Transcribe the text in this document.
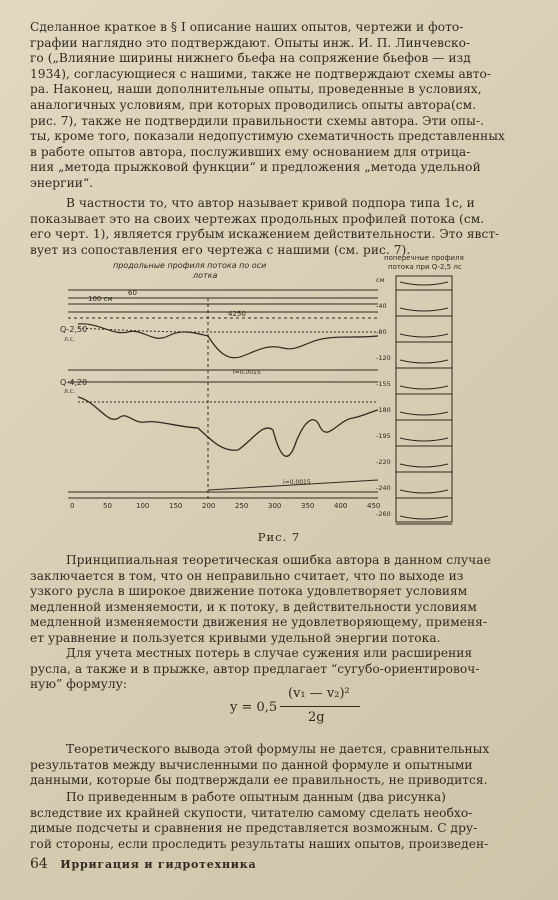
Сделанное краткое в § I описание наших опытов, чертежи и фото-
графии наглядно это подтверждают. Опыты инж. И. П. Линчевско-
го („Влияние ширины нижнего бьефа на сопряжение бьефов — изд
1934), согласующиеся с нашими, также не подтверждают схемы авто-
ра. Наконец, наши дополнительные опыты, проведенные в условиях,
аналогичных условиям, при которых проводились опыты автора(см.
рис. 7), также не подтвердили правильности схемы автора. Эти опы-.
ты, кроме того, показали недопустимую схематичность представленных
в работе опытов автора, послуживших ему основанием для отрица-
ния „метода прыжковой функции“ и предложения „метода удельной
энергии“.
В частности то, что автор называет кривой подпора типа 1с, и
показывает это на своих чертежах продольных профилей потока (см.
его черт. 1), является грубым искажением действительности. Это явст-
вует из сопоставления его чертежа с нашими (см. рис. 7).
продольные профиля потока по оси
лотка
поперечные профиля
потока при Q-2,5 лс
100 см
60
4250
Q-2,50
л.с.
i=0,0015
Q-4,20
л.с.
i=0,0015
0	50	100	150	200	250	300	350	400	450
см
-40
-80
-120
-155
-180
-195
-220
-240
-260
Рис. 7
Принципиальная теоретическая ошибка автора в данном случае
заключается в том, что он неправильно считает, что по выходе из
узкого русла в широкое движение потока удовлетворяет условиям
медленной изменяемости, и к потоку, в действительности условиям
медленной изменяемости движения не удовлетворяющему, применя-
ет уравнение и пользуется кривыми удельной энергии потока.
Для учета местных потерь в случае сужения или расширения
русла, а также и в прыжке, автор предлагает “сугубо-ориентировоч-
ную” формулу:
y = 0,5
(v₁ — v₂)²
2g
Теоретического вывода этой формулы не дается, сравнительных
результатов между вычисленными по данной формуле и опытными
данными, которые бы подтверждали ее правильность, не приводится.
По приведенным в работе опытным данным (два рисунка)
вследствие их крайней скупости, читателю самому сделать необхо-
димые подсчеты и сравнения не представляется возможным. С дру-
гой стороны, если проследить результаты наших опытов, произведен-
64 Ирригация и гидротехника
